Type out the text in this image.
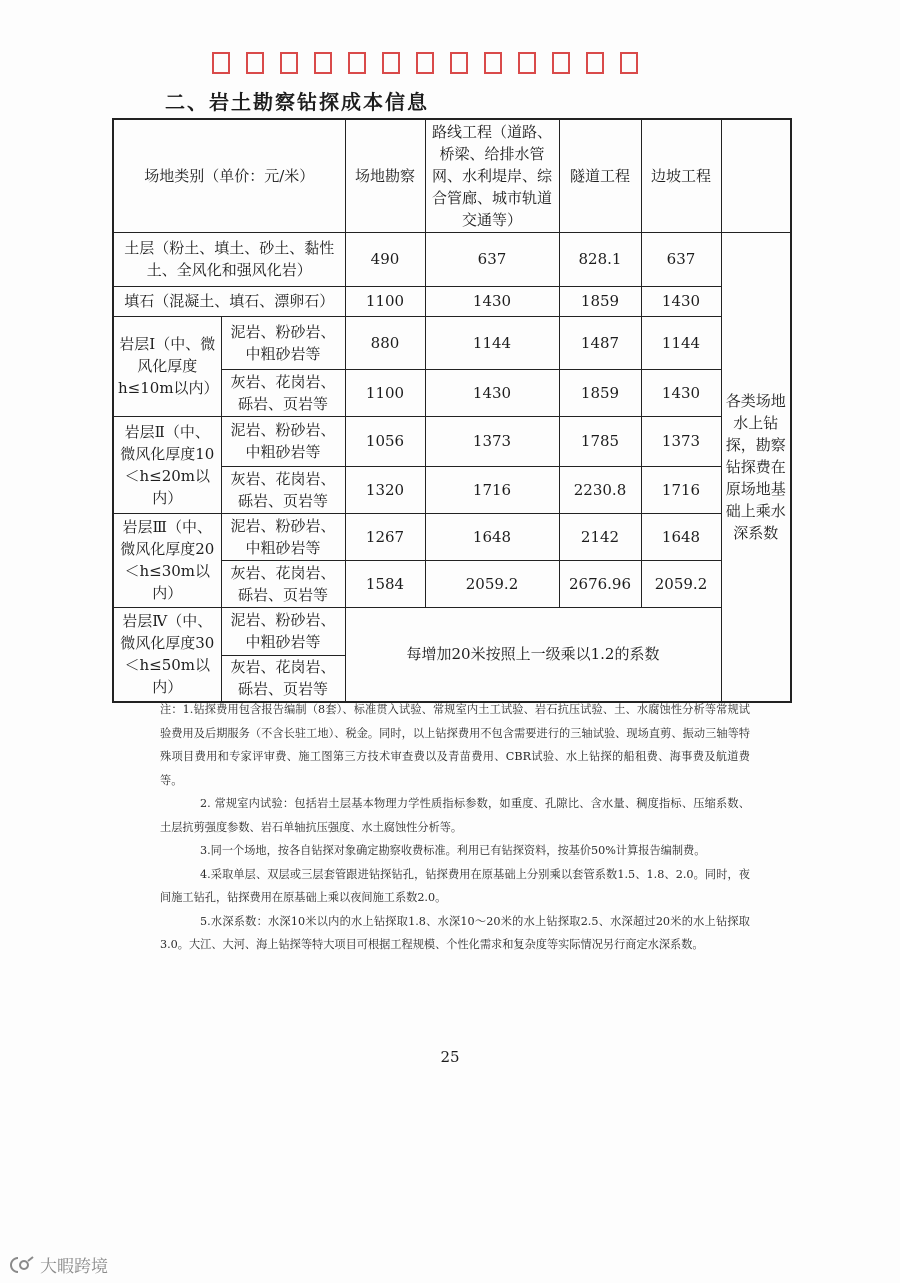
二、岩土勘察钻探成本信息
场地类别（单价：元/米）		场地勘察	路线工程（道路、桥梁、给排水管网、水利堤岸、综合管廊、城市轨道交通等）	隧道工程	边坡工程	
土层（粉土、填土、砂土、黏性土、全风化和强风化岩）		490	637	828.1	637	各类场地水上钻探，勘察钻探费在原场地基础上乘水深系数
填石（混凝土、填石、漂卵石）		1100	1430	1859	1430	
岩层Ⅰ（中、微风化厚度h≤10m以内）	泥岩、粉砂岩、中粗砂岩等	880	1144	1487	1144	
	灰岩、花岗岩、砾岩、页岩等	1100	1430	1859	1430	
岩层Ⅱ（中、微风化厚度10＜h≤20m以内）	泥岩、粉砂岩、中粗砂岩等	1056	1373	1785	1373	
	灰岩、花岗岩、砾岩、页岩等	1320	1716	2230.8	1716	
岩层Ⅲ（中、微风化厚度20＜h≤30m以内）	泥岩、粉砂岩、中粗砂岩等	1267	1648	2142	1648	
	灰岩、花岗岩、砾岩、页岩等	1584	2059.2	2676.96	2059.2	
岩层Ⅳ（中、微风化厚度30＜h≤50m以内）	泥岩、粉砂岩、中粗砂岩等	每增加20米按照上一级乘以1.2的系数				
	灰岩、花岗岩、砾岩、页岩等					

注：1.钻探费用包含报告编制（8套）、标准贯入试验、常规室内土工试验、岩石抗压试验、土、水腐蚀性分析等常规试验费用及后期服务（不含长驻工地）、税金。同时，以上钻探费用不包含需要进行的三轴试验、现场直剪、振动三轴等特殊项目费用和专家评审费、施工图第三方技术审查费以及青苗费用、CBR试验、水上钻探的船租费、海事费及航道费等。

2. 常规室内试验：包括岩土层基本物理力学性质指标参数，如重度、孔隙比、含水量、稠度指标、压缩系数、土层抗剪强度参数、岩石单轴抗压强度、水土腐蚀性分析等。

3.同一个场地，按各自钻探对象确定勘察收费标准。利用已有钻探资料，按基价50%计算报告编制费。

4.采取单层、双层或三层套管跟进钻探钻孔，钻探费用在原基础上分别乘以套管系数1.5、1.8、2.0。同时，夜间施工钻孔，钻探费用在原基础上乘以夜间施工系数2.0。

5.水深系数：水深10米以内的水上钻探取1.8、水深10～20米的水上钻探取2.5、水深超过20米的水上钻探取3.0。大江、大河、海上钻探等特大项目可根据工程规模、个性化需求和复杂度等实际情况另行商定水深系数。

25
大暇跨境
